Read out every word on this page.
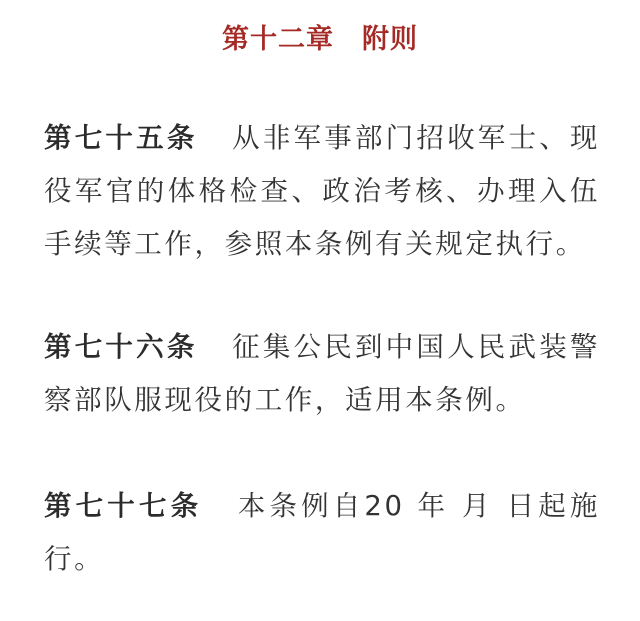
第十二章　附则

第七十五条 从非军事部门招收军士、现役军官的体格检查、政治考核、办理入伍手续等工作，参照本条例有关规定执行。

第七十六条 征集公民到中国人民武装警察部队服现役的工作，适用本条例。

第七十七条 本条例自20 年 月 日起施行。
